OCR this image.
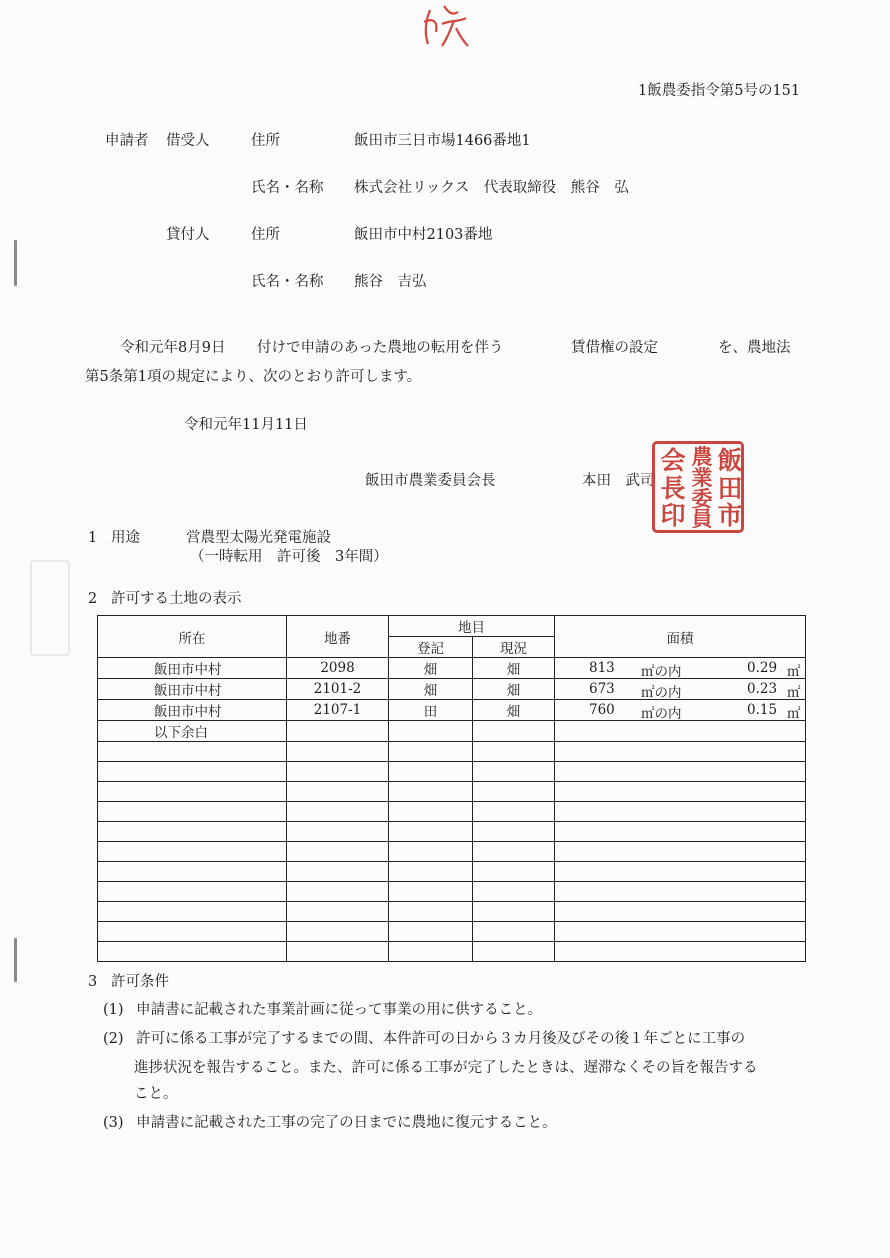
1飯農委指令第5号の151
申請者 借受人	住所	飯田市三日市場1466番地1
氏名・名称 株式会社リックス　代表取締役　熊谷　弘
貸付人	住所	飯田市中村2103番地
氏名・名称 熊谷　吉弘
令和元年8月9日 付けで申請のあった農地の転用を伴う	賃借権の設定	を、農地法
第5条第1項の規定により、次のとおり許可します。
令和元年11月11日
飯田市農業委員会長	本田　武司
飯
田
市
農
業
委
員
会
長
印
1 用途	営農型太陽光発電施設
（一時転用　許可後　3年間）
2 許可する土地の表示
所在	地番	地目		面積
		登記	現況	
飯田市中村	2098	畑	畑	813 ㎡の内 0.29 ㎡

飯田市中村	2101-2	畑	畑	673 ㎡の内 0.23 ㎡

飯田市中村	2107-1	田	畑	760 ㎡の内 0.15 ㎡

以下余白				

3 許可条件
(1) 申請書に記載された事業計画に従って事業の用に供すること。
(2) 許可に係る工事が完了するまでの間、本件許可の日から３カ月後及びその後１年ごとに工事の
進捗状況を報告すること。また、許可に係る工事が完了したときは、遅滞なくその旨を報告する
こと。
(3) 申請書に記載された工事の完了の日までに農地に復元すること。
